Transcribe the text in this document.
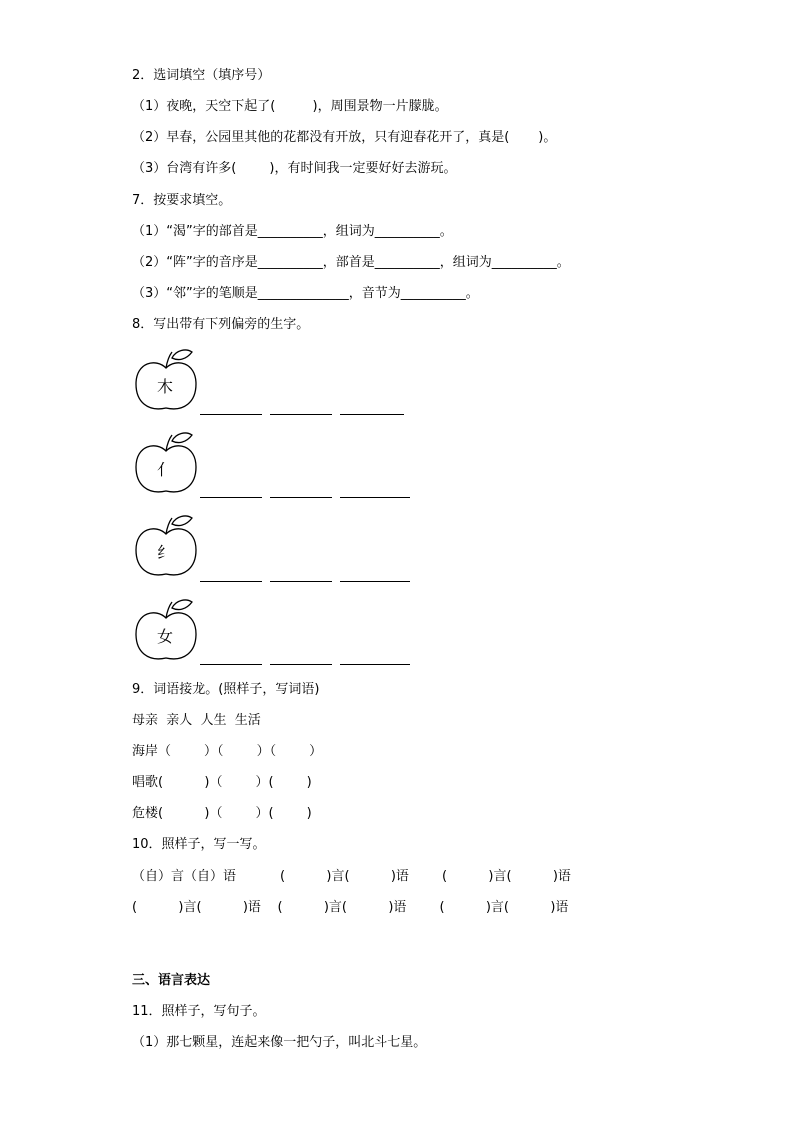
2．选词填空（填序号）
（1）夜晚，天空下起了(         )，周围景物一片朦胧。
（2）早春，公园里其他的花都没有开放，只有迎春花开了，真是(       )。
（3）台湾有许多(        )，有时间我一定要好好去游玩。
7．按要求填空。
（1）“渴”字的部首是__________，组词为__________。
（2）“阵”字的音序是__________，部首是__________，组词为__________。
（3）“邻”字的笔顺是______________，音节为__________。
8．写出带有下列偏旁的生字。
木
亻
纟
女
9．词语接龙。(照样子，写词语)
母亲  亲人  人生  生活
海岸（        ）（        ）（        ）
唱歌(          )（        ）(        )
危楼(          )（        ）(        )
10．照样子，写一写。
（自）言（自）语	(          )言(          )语        (          )言(          )语
(          )言(          )语    (          )言(          )语        (          )言(          )语
三、语言表达
11．照样子，写句子。
（1）那七颗星，连起来像一把勺子，叫北斗七星。
